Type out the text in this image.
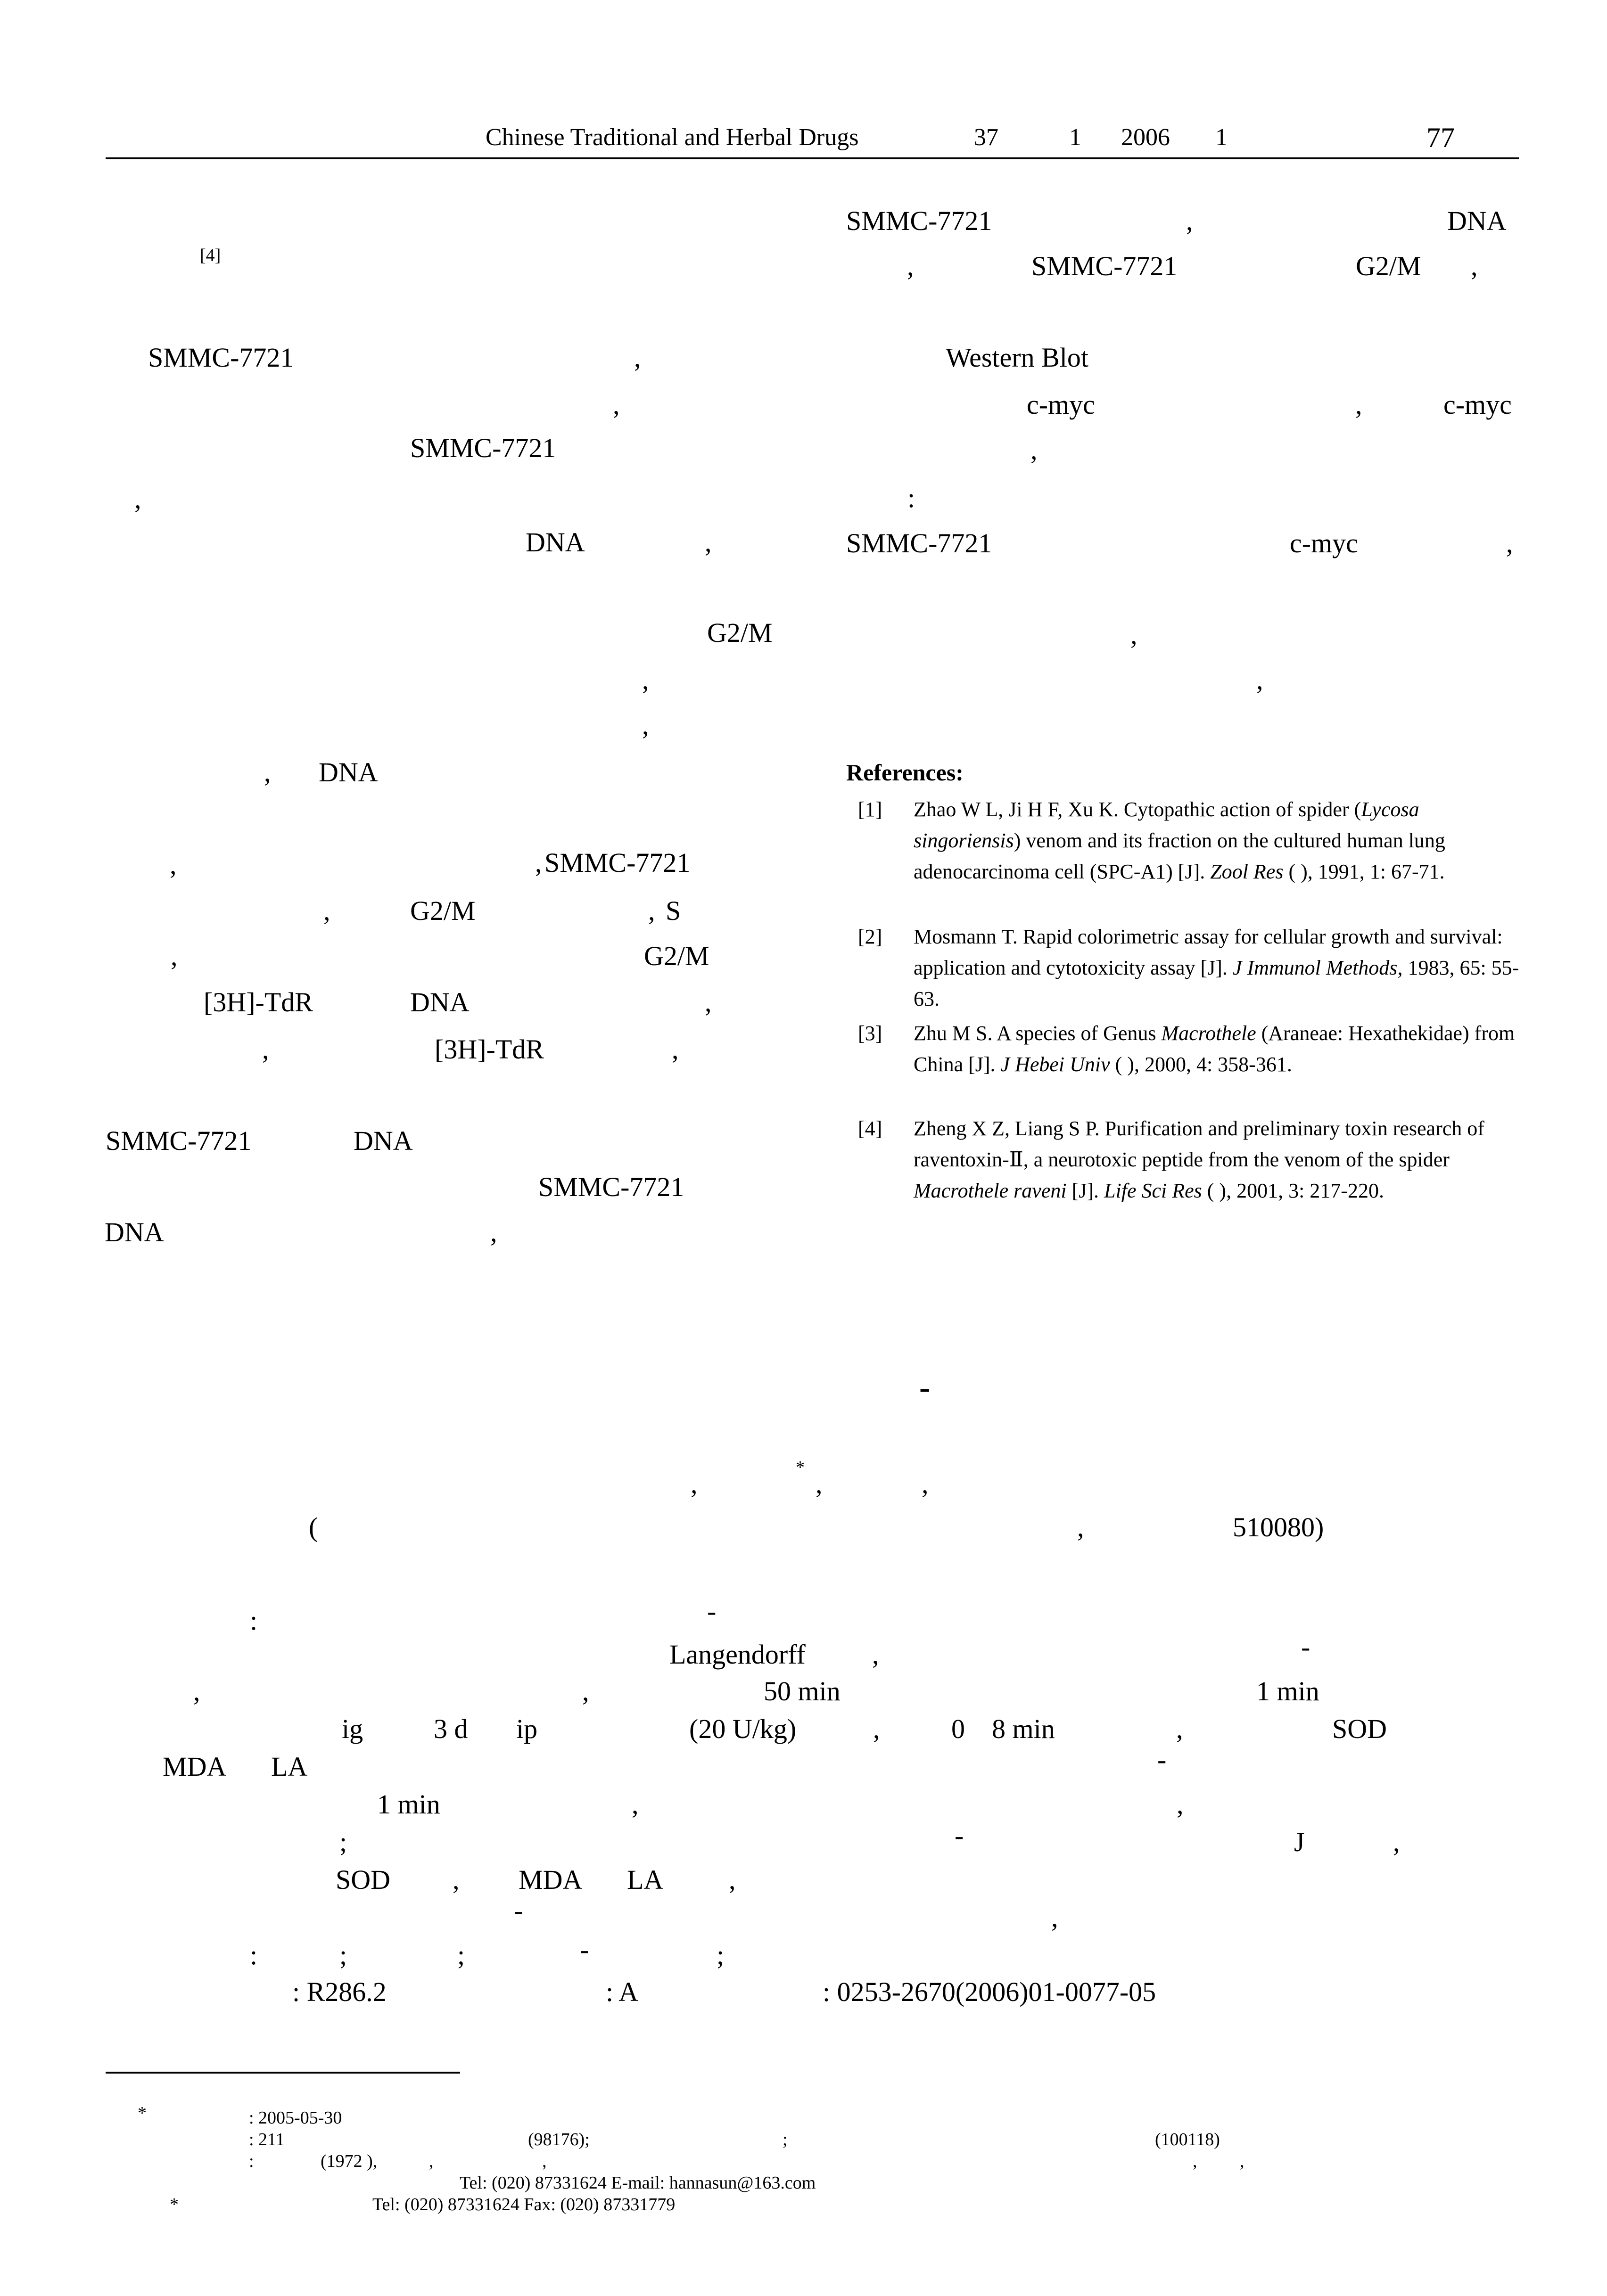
Chinese Traditional and Herbal Drugs	37	1 2006 1	77
[4]
SMMC-7721	,
,
SMMC-7721
,
DNA	,
G2/M
,
,
, DNA
,	, SMMC-7721
,	G2/M	, S
,	G2/M
[3H]-TdR	DNA	,
,	[3H]-TdR	,
SMMC-7721	DNA
SMMC-7721
DNA	,
SMMC-7721	,	DNA
,	SMMC-7721	G2/M ,
Western Blot
c-myc	,	c-myc
,
:
SMMC-7721	c-myc	,
,
,
References:
[1] Zhao W L, Ji H F, Xu K. Cytopathic action of spider (Lycosa singoriensis) venom and its fraction on the cultured human lung adenocarcinoma cell (SPC-A1) [J]. Zool Res ( ), 1991, 1: 67-71.
[2] Mosmann T. Rapid colorimetric assay for cellular growth and survival: application and cytotoxicity assay [J]. J Immunol Methods, 1983, 65: 55-63.
[3] Zhu M S. A species of Genus Macrothele (Araneae: Hexathekidae) from China [J]. J Hebei Univ ( ), 2000, 4: 358-361.
[4] Zheng X Z, Liang S P. Purification and preliminary toxin research of raventoxin-Ⅱ, a neurotoxic peptide from the venom of the spider Macrothele raveni [J]. Life Sci Res ( ), 2001, 3: 217-220.
-
,
*
,	,
(	,	510080)
-
:
Langendorff ,	-
,	,	50 min	1 min
ig	3 d ip	(20 U/kg)	,	0 8 min	,	SOD
MDA LA	-
1 min	,	,
;	-	J	,
SOD , MDA LA ,
-	,
:	;	;	-	;
: R286.2	: A	: 0253-2670(2006)01-0077-05
*	: 2005-05-30
: 211	(98176);	;	(100118)
:	(1972 ),	,	,	, ,
Tel: (020) 87331624 E-mail: hannasun@163.com
*	Tel: (020) 87331624 Fax: (020) 87331779
